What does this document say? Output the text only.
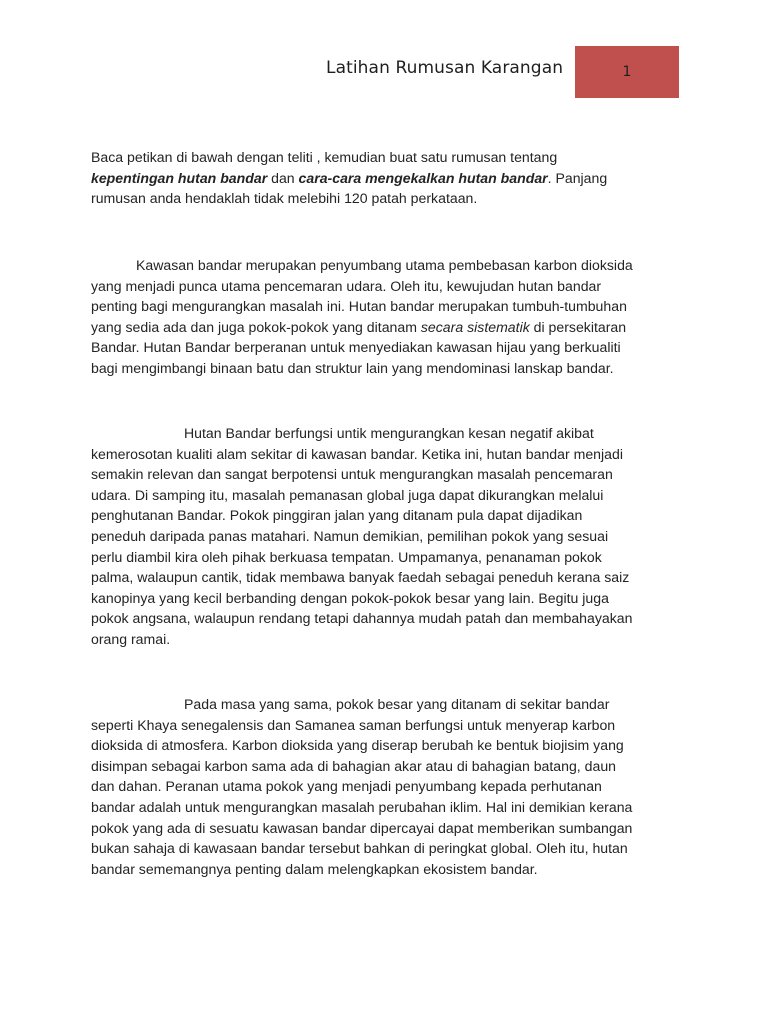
Latihan Rumusan Karangan	1
Baca petikan di bawah dengan teliti , kemudian buat satu rumusan tentang
kepentingan hutan bandar dan cara-cara mengekalkan hutan bandar. Panjang
rumusan anda hendaklah tidak melebihi 120 patah perkataan.
Kawasan bandar merupakan penyumbang utama pembebasan karbon dioksida
yang menjadi punca utama pencemaran udara. Oleh itu, kewujudan hutan bandar
penting bagi mengurangkan masalah ini. Hutan bandar merupakan tumbuh-tumbuhan
yang sedia ada dan juga pokok-pokok yang ditanam secara sistematik di persekitaran
Bandar. Hutan Bandar berperanan untuk menyediakan kawasan hijau yang berkualiti
bagi mengimbangi binaan batu dan struktur lain yang mendominasi lanskap bandar.
Hutan Bandar berfungsi untik mengurangkan kesan negatif akibat
kemerosotan kualiti alam sekitar di kawasan bandar. Ketika ini, hutan bandar menjadi
semakin relevan dan sangat berpotensi untuk mengurangkan masalah pencemaran
udara. Di samping itu, masalah pemanasan global juga dapat dikurangkan melalui
penghutanan Bandar. Pokok pinggiran jalan yang ditanam pula dapat dijadikan
peneduh daripada panas matahari. Namun demikian, pemilihan pokok yang sesuai
perlu diambil kira oleh pihak berkuasa tempatan. Umpamanya, penanaman pokok
palma, walaupun cantik, tidak membawa banyak faedah sebagai peneduh kerana saiz
kanopinya yang kecil berbanding dengan pokok-pokok besar yang lain. Begitu juga
pokok angsana, walaupun rendang tetapi dahannya mudah patah dan membahayakan
orang ramai.
Pada masa yang sama, pokok besar yang ditanam di sekitar bandar
seperti Khaya senegalensis dan Samanea saman berfungsi untuk menyerap karbon
dioksida di atmosfera. Karbon dioksida yang diserap berubah ke bentuk biojisim yang
disimpan sebagai karbon sama ada di bahagian akar atau di bahagian batang, daun
dan dahan. Peranan utama pokok yang menjadi penyumbang kepada perhutanan
bandar adalah untuk mengurangkan masalah perubahan iklim. Hal ini demikian kerana
pokok yang ada di sesuatu kawasan bandar dipercayai dapat memberikan sumbangan
bukan sahaja di kawasaan bandar tersebut bahkan di peringkat global. Oleh itu, hutan
bandar sememangnya penting dalam melengkapkan ekosistem bandar.
